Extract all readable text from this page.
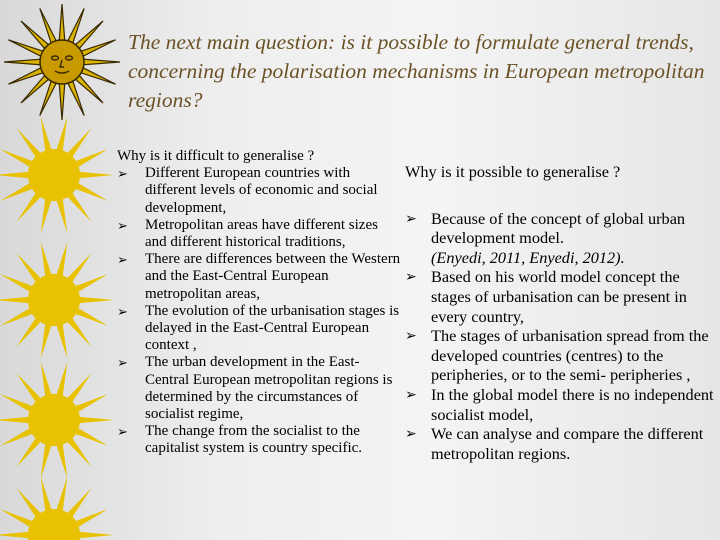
The next main question: is it possible to formulate general trends, concerning the polarisation mechanisms in European metropolitan regions?
Why is it difficult to generalise ?
➢ Different European countries with different levels of economic and social development,
➢ Metropolitan areas have different sizes and different historical traditions,
➢ There are differences between the Western and the East-Central European metropolitan areas,
➢ The evolution of the urbanisation stages is delayed in the East-Central European context ,
➢ The urban development in the East-Central European metropolitan regions is determined by the circumstances of socialist regime,
➢ The change from the socialist to the capitalist system is country specific.
Why is it possible to generalise ?
➢ Because of the concept of global urban development model.
(Enyedi, 2011, Enyedi, 2012).
➢ Based on his world model concept the stages of urbanisation can be present in every country,
➢ The stages of urbanisation spread from the developed countries (centres) to the peripheries, or to the semi- peripheries ,
➢ In the global model there is no independent socialist model,
➢ We can analyse and compare the different metropolitan regions.
